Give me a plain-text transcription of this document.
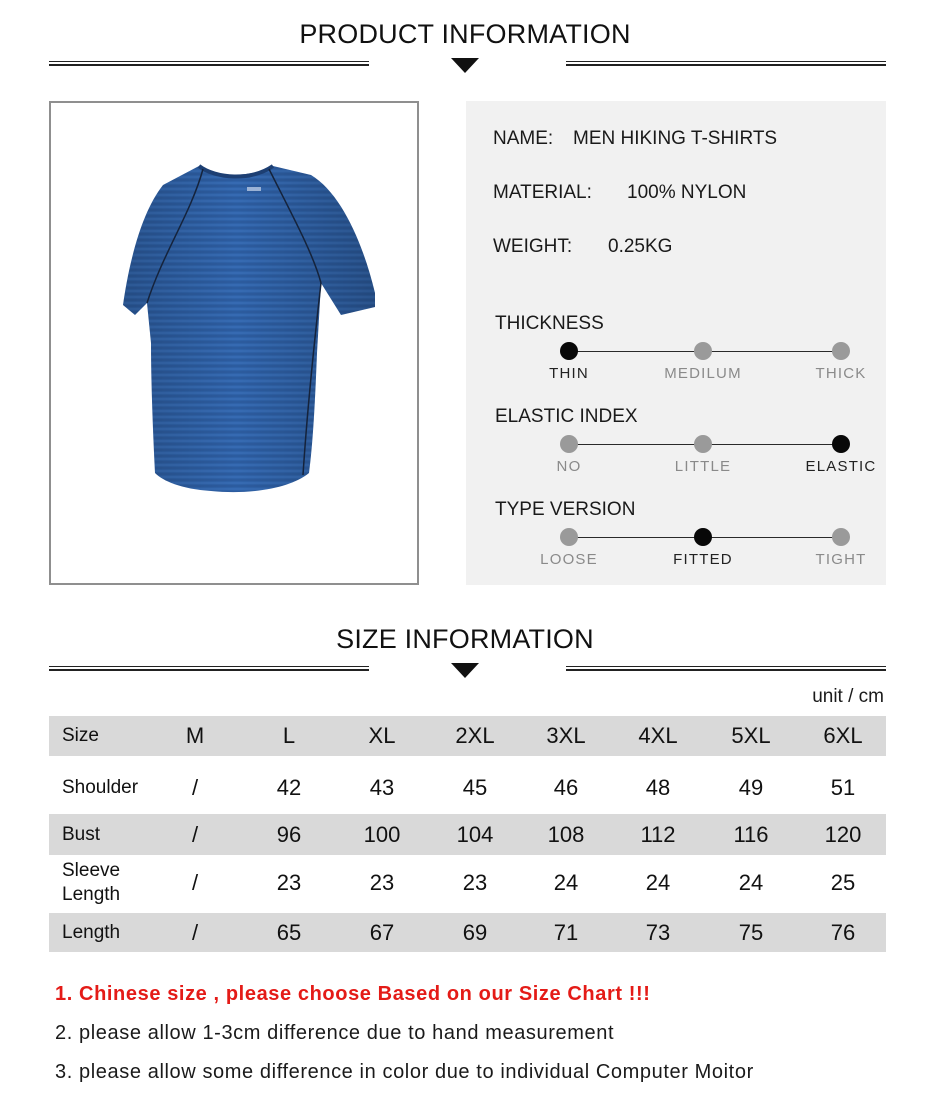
PRODUCT INFORMATION
NAME: MEN HIKING T-SHIRTS
MATERIAL: 100% NYLON
WEIGHT: 0.25KG
THICKNESS
THIN	MEDILUM	THICK
ELASTIC INDEX
NO	LITTLE	ELASTIC
TYPE VERSION
LOOSE	FITTED	TIGHT
SIZE INFORMATION
unit / cm
Size	M	L	XL	2XL	3XL	4XL	5XL	6XL
Shoulder	/	42	43	45	46	48	49	51
Bust	/	96	100	104	108	112	116	120
Sleeve
Length	/	23	23	23	24	24	24	25
Length	/	65	67	69	71	73	75	76
1. Chinese size , please choose Based on our Size Chart !!!
2. please allow 1-3cm difference due to hand measurement
3. please allow some difference in color due to individual Computer Moitor
